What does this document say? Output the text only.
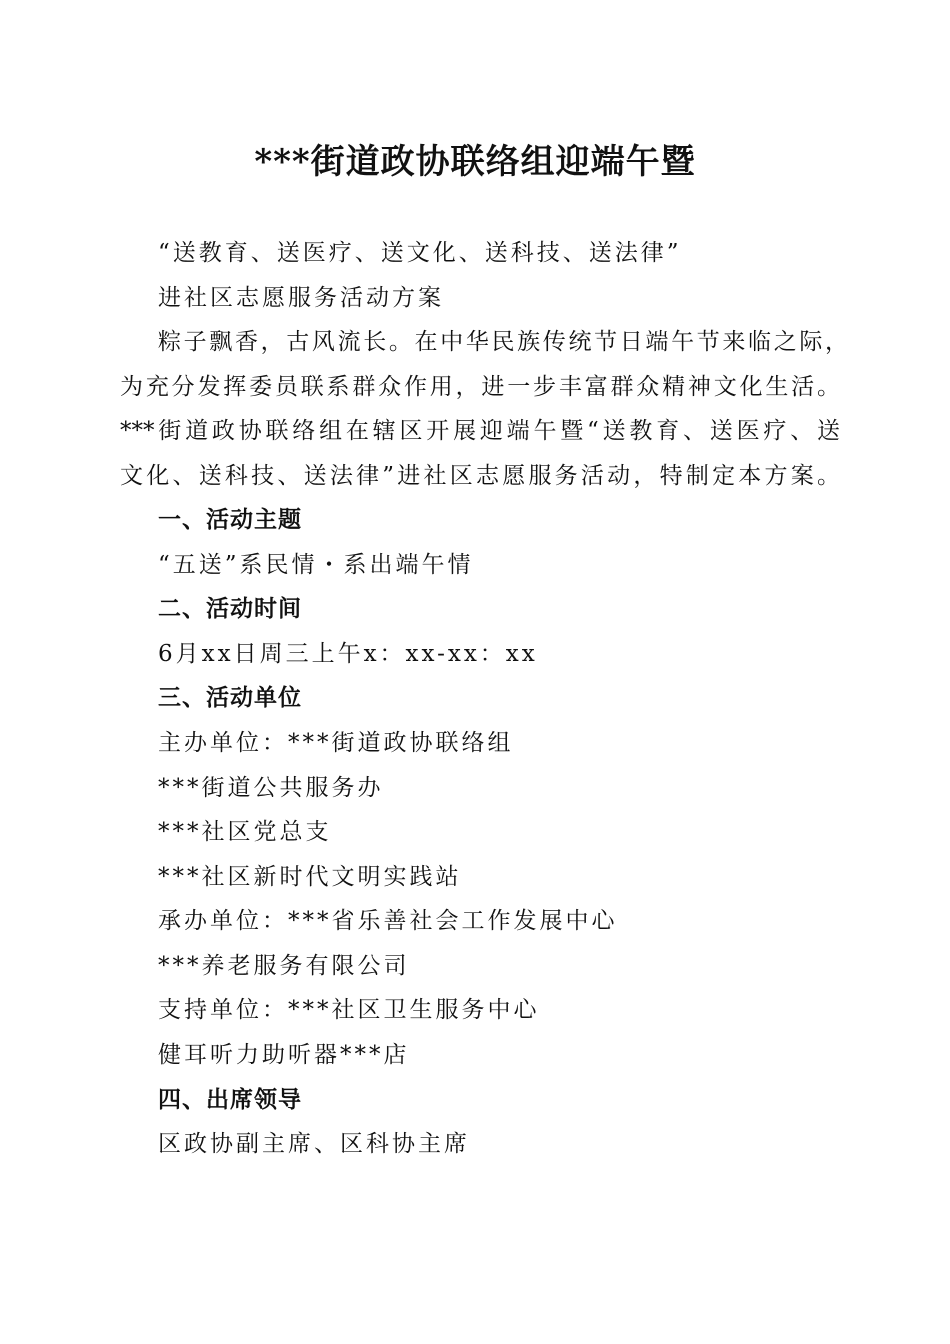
***街道政协联络组迎端午暨
“送教育、送医疗、送文化、送科技、送法律”
进社区志愿服务活动方案
粽子飘香，古风流长。在中华民族传统节日端午节来临之际，
为充分发挥委员联系群众作用，进一步丰富群众精神文化生活。
***街道政协联络组在辖区开展迎端午暨“送教育、送医疗、送
文化、送科技、送法律”进社区志愿服务活动，特制定本方案。
一、活动主题
“五送”系民情・系出端午情
二、活动时间
6月xx日周三上午x：xx-xx：xx
三、活动单位
主办单位：***街道政协联络组
***街道公共服务办
***社区党总支
***社区新时代文明实践站
承办单位：***省乐善社会工作发展中心
***养老服务有限公司
支持单位：***社区卫生服务中心
健耳听力助听器***店
四、出席领导
区政协副主席、区科协主席
